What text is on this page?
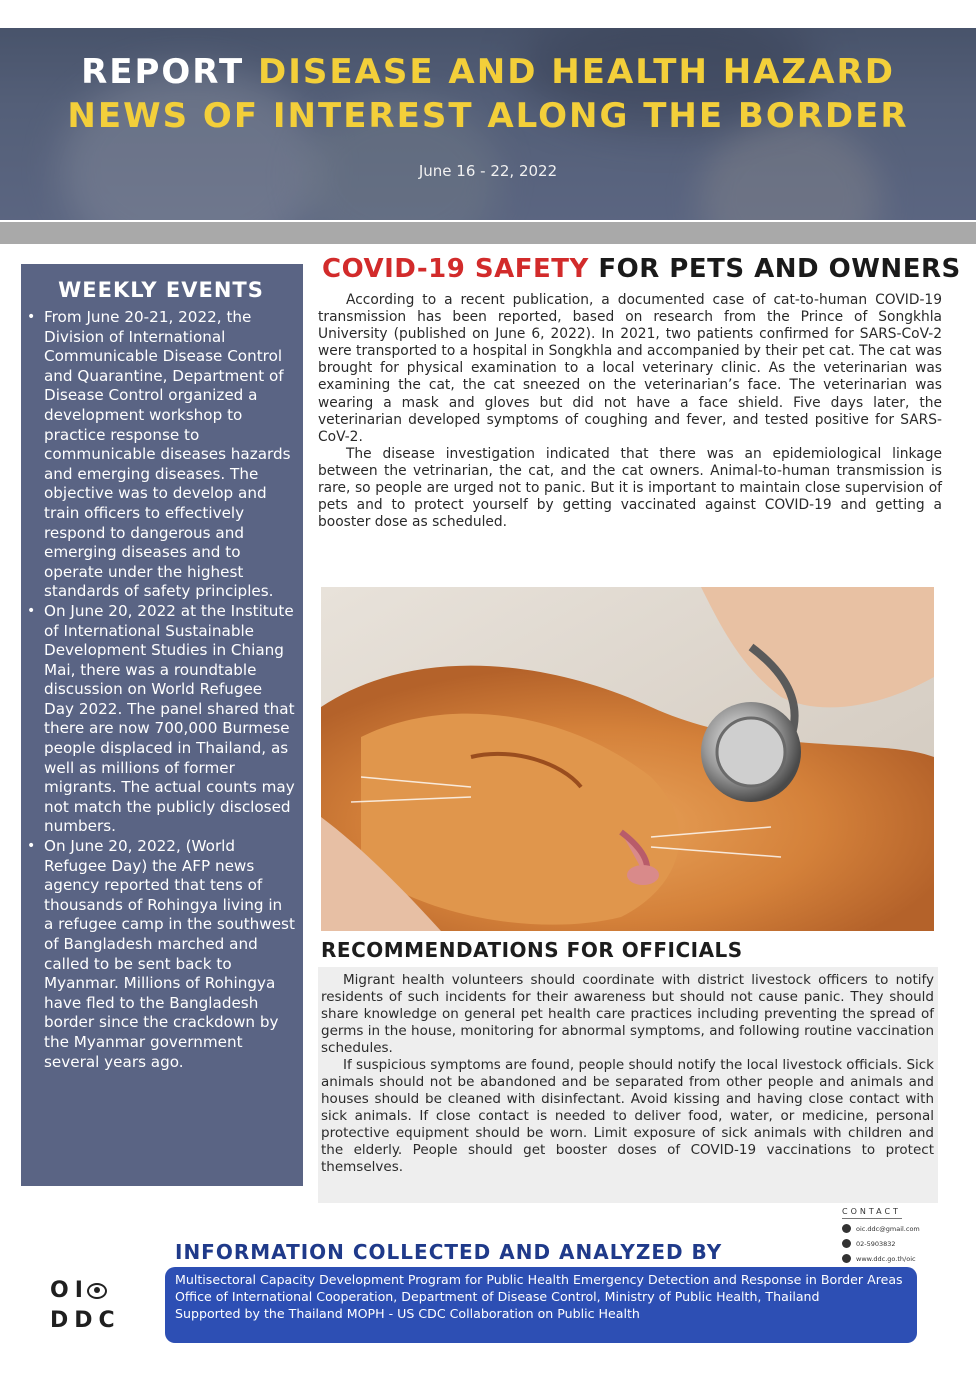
REPORT DISEASE AND HEALTH HAZARD
NEWS OF INTEREST ALONG THE BORDER
June 16 - 22, 2022
WEEKLY EVENTS
• From June 20-21, 2022, the Division of International Communicable Disease Control and Quarantine, Department of Disease Control organized a development workshop to practice response to communicable diseases hazards and emerging diseases. The objective was to develop and train officers to effectively respond to dangerous and emerging diseases and to operate under the highest standards of safety principles.
• On June 20, 2022 at the Institute of International Sustainable Development Studies in Chiang Mai, there was a roundtable discussion on World Refugee Day 2022. The panel shared that there are now 700,000 Burmese people displaced in Thailand, as well as millions of former migrants. The actual counts may not match the publicly disclosed numbers.
• On June 20, 2022, (World Refugee Day) the AFP news agency reported that tens of thousands of Rohingya living in a refugee camp in the southwest of Bangladesh marched and called to be sent back to Myanmar. Millions of Rohingya have fled to the Bangladesh border since the crackdown by the Myanmar government several years ago.
COVID-19 SAFETY FOR PETS AND OWNERS

According to a recent publication, a documented case of cat-to-human COVID-19 transmission has been reported, based on research from the Prince of Songkhla University (published on June 6, 2022). In 2021, two patients confirmed for SARS-CoV-2 were transported to a hospital in Songkhla and accompanied by their pet cat. The cat was brought for physical examination to a local veterinary clinic. As the veterinarian was examining the cat, the cat sneezed on the veterinarian’s face. The veterinarian was wearing a mask and gloves but did not have a face shield. Five days later, the veterinarian developed symptoms of coughing and fever, and tested positive for SARS-CoV-2.

The disease investigation indicated that there was an epidemiological linkage between the vetrinarian, the cat, and the cat owners. Animal-to-human transmission is rare, so people are urged not to panic. But it is important to maintain close supervision of pets and to protect yourself by getting vaccinated against COVID-19 and getting a booster dose as scheduled.

RECOMMENDATIONS FOR OFFICIALS

Migrant health volunteers should coordinate with district livestock officers to notify residents of such incidents for their awareness but should not cause panic. They should share knowledge on general pet health care practices including preventing the spread of germs in the house, monitoring for abnormal symptoms, and following routine vaccination schedules.

If suspicious symptoms are found, people should notify the local livestock officials. Sick animals should not be abandoned and be separated from other people and animals and houses should be cleaned with disinfectant. Avoid kissing and having close contact with sick animals. If close contact is needed to deliver food, water, or medicine, personal protective equipment should be worn. Limit exposure of sick animals with children and the elderly. People should get booster doses of COVID-19 vaccinations to protect themselves.

CONTACT
oic.ddc@gmail.com
02-5903832
www.ddc.go.th/oic
INFORMATION COLLECTED AND ANALYZED BY
OI
DDC

Multisectoral Capacity Development Program for Public Health Emergency Detection and Response in Border Areas

Office of International Cooperation, Department of Disease Control, Ministry of Public Health, Thailand

Supported by the Thailand MOPH - US CDC Collaboration on Public Health
